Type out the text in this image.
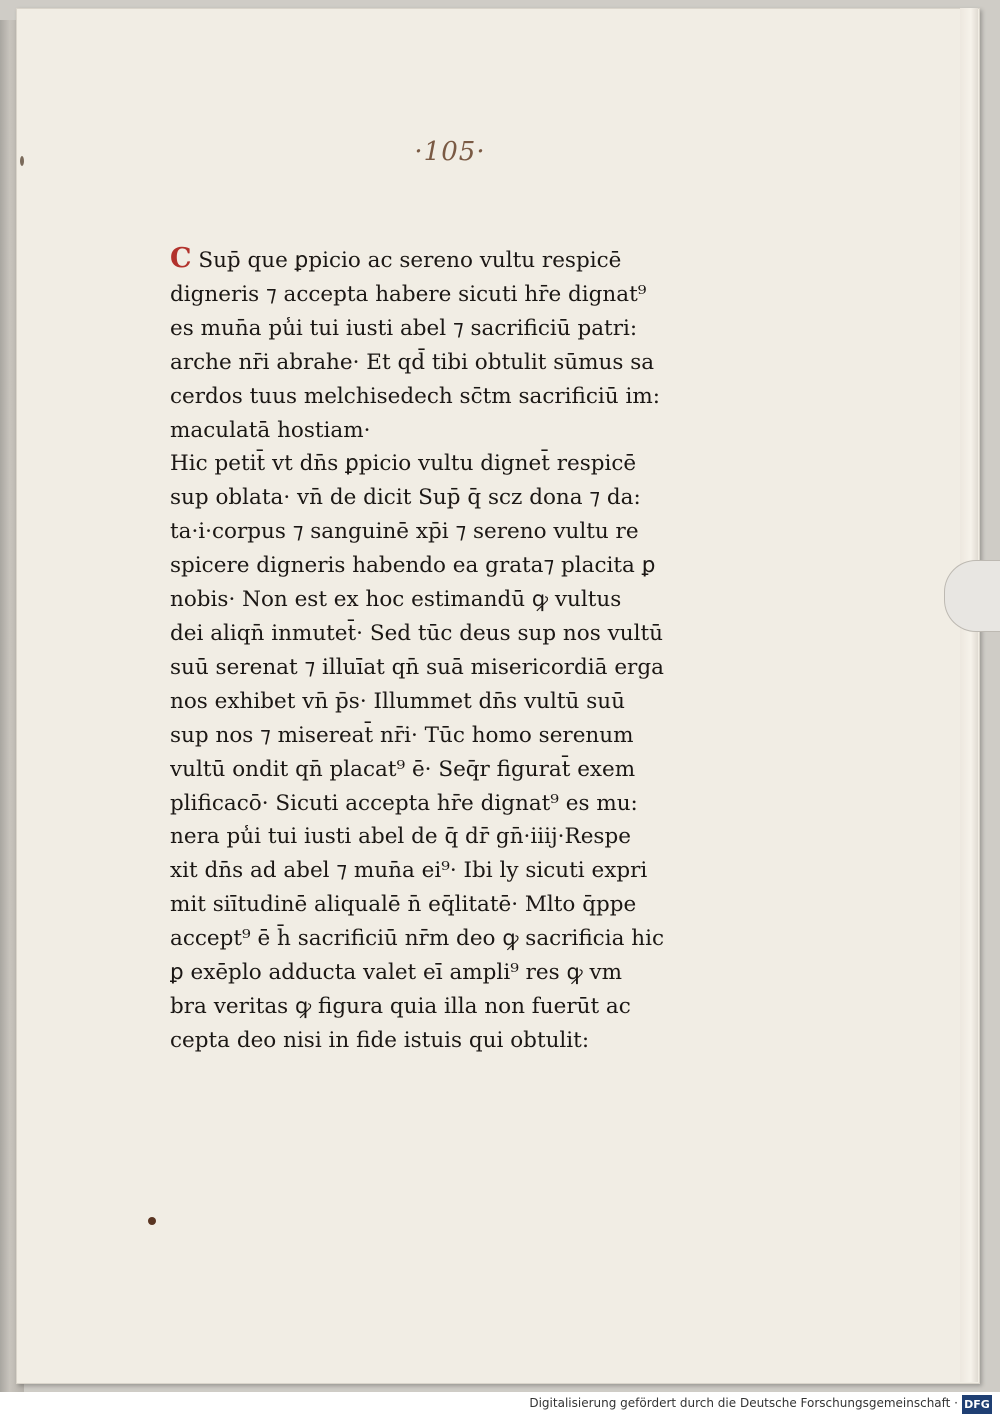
·105·
C Sup̄ que ꝑpicio ac sereno vultu respicē
digneris ⁊ accepta habere sicuti hr̄e dignat⁹
es mun̄a pu̾i tui iusti abel ⁊ sacrificiū patri:
arche nr̄i abrahe· Et qd̄ tibi obtulit sūmus sa
cerdos tuus melchisedech sc̄tm sacrificiū im:
maculatā hostiam·
Hic petit̄ vt dn̄s ꝑpicio vultu dignet̄ respicē
sup oblata· vn̄ de dicit Sup̄ q̄ scz dona ⁊ da:
ta·i·corpus ⁊ sanguinē xp̄i ⁊ sereno vultu re
spicere digneris habendo ea grata⁊ placita ꝑ
nobis· Non est ex hoc estimandū ꝙ vultus
dei aliqn̄ inmutet̄· Sed tūc deus sup nos vultū
suū serenat ⁊ illuīat qn̄ suā misericordiā erga
nos exhibet vn̄ p̄s· Illummet dn̄s vultū suū
sup nos ⁊ misereat̄ nr̄i· Tūc homo serenum
vultū ondit qn̄ placat⁹ ē· Seq̄r figurat̄ exem
plificacō· Sicuti accepta hr̄e dignat⁹ es mu:
nera pu̾i tui iusti abel de q̄ dr̄ gn̄·iiij·Respe
xit dn̄s ad abel ⁊ mun̄a ei⁹· Ibi ly sicuti expri
mit siītudinē aliqualē n̄ eq̄litatē· Mlto q̄ppe
accept⁹ ē h̄ sacrificiū nr̄m deo ꝙ sacrificia hic
ꝑ exēplo adducta valet eī ampli⁹ res ꝙ vm
bra veritas ꝙ figura quia illa non fuerūt ac
cepta deo nisi in fide istuis qui obtulit:
Digitalisierung gefördert durch die Deutsche Forschungsgemeinschaft · DFG
